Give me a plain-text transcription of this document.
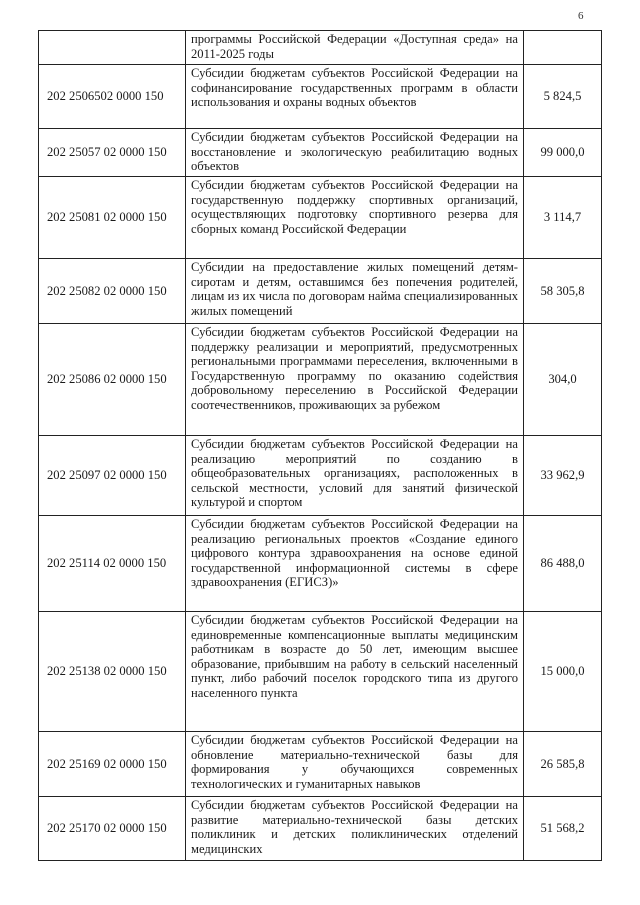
6
	программы Российской Федерации «Доступная среда» на 2011-2025 годы	
202 2506502 0000 150	Субсидии бюджетам субъектов Российской Федерации на софинансирование государственных программ в области использования и охраны водных объектов	5 824,5
202 25057 02 0000 150	Субсидии бюджетам субъектов Российской Федерации на восстановление и экологическую реабилитацию водных объектов	99 000,0
202 25081 02 0000 150	Субсидии бюджетам субъектов Российской Федерации на государственную поддержку спортивных организаций, осуществляющих подготовку спортивного резерва для сборных команд Российской Федерации	3 114,7
202 25082 02 0000 150	Субсидии на предоставление жилых помещений детям-сиротам и детям, оставшимся без попечения родителей, лицам из их числа по договорам найма специализированных жилых помещений	58 305,8
202 25086 02 0000 150	Субсидии бюджетам субъектов Российской Федерации на поддержку реализации и мероприятий, предусмотренных региональными программами переселения, включенными в Государственную программу по оказанию содействия добровольному переселению в Российской Федерации соотечественников, проживающих за рубежом	304,0
202 25097 02 0000 150	Субсидии бюджетам субъектов Российской Федерации на реализацию мероприятий по созданию в общеобразовательных организациях, расположенных в сельской местности, условий для занятий физической культурой и спортом	33 962,9
202 25114 02 0000 150	Субсидии бюджетам субъектов Российской Федерации на реализацию региональных проектов «Создание единого цифрового контура здравоохранения на основе единой государственной информационной системы в сфере здравоохранения (ЕГИСЗ)»	86 488,0
202 25138 02 0000 150	Субсидии бюджетам субъектов Российской Федерации на единовременные компенсационные выплаты медицинским работникам в возрасте до 50 лет, имеющим высшее образование, прибывшим на работу в сельский населенный пункт, либо рабочий поселок городского типа из другого населенного пункта	15 000,0
202 25169 02 0000 150	Субсидии бюджетам субъектов Российской Федерации на обновление материально-технической базы для формирования у обучающихся современных технологических и гуманитарных навыков	26 585,8
202 25170 02 0000 150	Субсидии бюджетам субъектов Российской Федерации на развитие материально-технической базы детских поликлиник и детских поликлинических отделений медицинских	51 568,2
